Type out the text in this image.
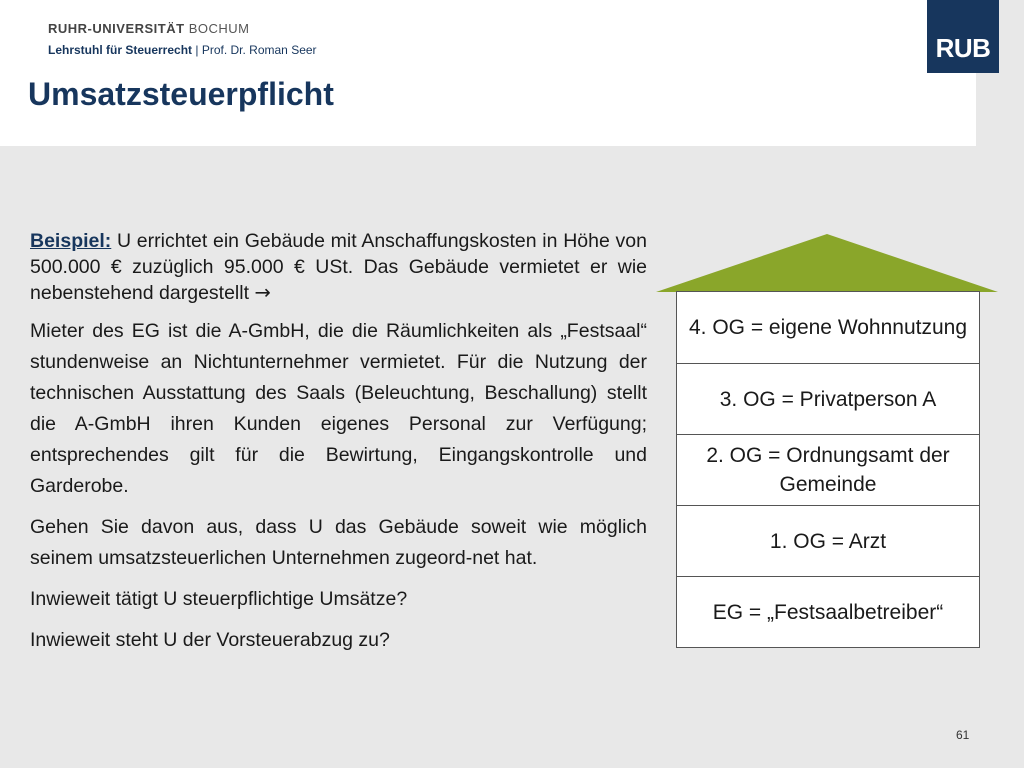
RUHR-UNIVERSITÄT BOCHUM
Lehrstuhl für Steuerrecht | Prof. Dr. Roman Seer
Umsatzsteuerpflicht
RUB

Beispiel: U errichtet ein Gebäude mit Anschaffungskosten in Höhe von 500.000 € zuzüglich 95.000 € USt. Das Gebäude vermietet er wie nebenstehend dargestellt →

Mieter des EG ist die A-GmbH, die die Räumlichkeiten als „Festsaal“ stundenweise an Nichtunternehmer vermietet. Für die Nutzung der technischen Ausstattung des Saals (Beleuchtung, Beschallung) stellt die A-GmbH ihren Kunden eigenes Personal zur Verfügung; entsprechendes gilt für die Bewirtung, Eingangskontrolle und Garderobe.

Gehen Sie davon aus, dass U das Gebäude soweit wie möglich seinem umsatzsteuerlichen Unternehmen zugeord-net hat.

Inwieweit tätigt U steuerpflichtige Umsätze?

Inwieweit steht U der Vorsteuerabzug zu?

4. OG = eigene Wohnnutzung
3. OG = Privatperson A
2. OG = Ordnungsamt der Gemeinde
1. OG = Arzt
EG = „Festsaalbetreiber“
61
